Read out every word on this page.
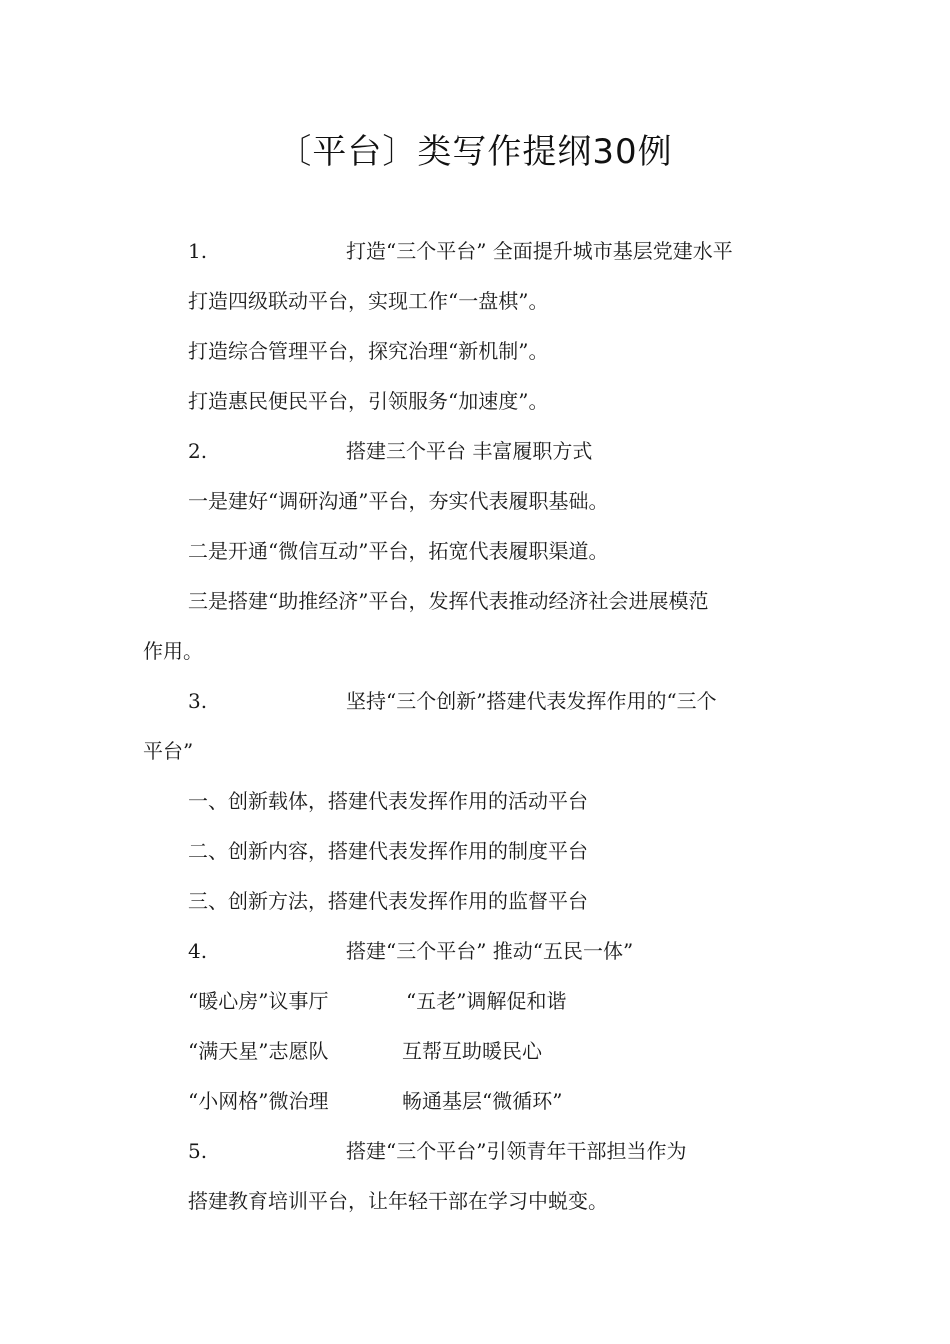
〔平台〕类写作提纲30例
1.	打造“三个平台” 全面提升城市基层党建水平
打造四级联动平台，实现工作“一盘棋”。
打造综合管理平台，探究治理“新机制”。
打造惠民便民平台，引领服务“加速度”。
2.	搭建三个平台 丰富履职方式
一是建好“调研沟通”平台，夯实代表履职基础。
二是开通“微信互动”平台，拓宽代表履职渠道。
三是搭建“助推经济”平台，发挥代表推动经济社会进展模范
作用。
3.	坚持“三个创新”搭建代表发挥作用的“三个
平台”
一、创新载体，搭建代表发挥作用的活动平台
二、创新内容，搭建代表发挥作用的制度平台
三、创新方法，搭建代表发挥作用的监督平台
4.	搭建“三个平台” 推动“五民一体”
“暖心房”议事厅	“五老”调解促和谐
“满天星”志愿队	互帮互助暖民心
“小网格”微治理	畅通基层“微循环”
5.	搭建“三个平台”引领青年干部担当作为
搭建教育培训平台，让年轻干部在学习中蜕变。
